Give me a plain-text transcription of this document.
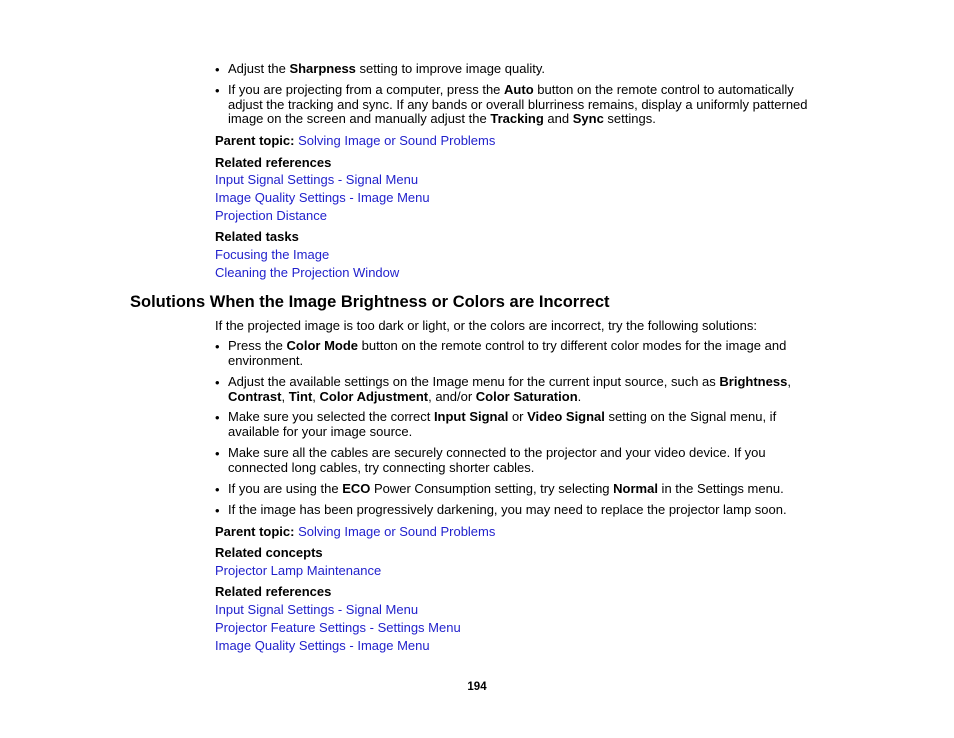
• Adjust the Sharpness setting to improve image quality.
• If you are projecting from a computer, press the Auto button on the remote control to automatically adjust the tracking and sync. If any bands or overall blurriness remains, display a uniformly patterned image on the screen and manually adjust the Tracking and Sync settings.
Parent topic: Solving Image or Sound Problems
Related references
Input Signal Settings - Signal Menu
Image Quality Settings - Image Menu
Projection Distance
Related tasks
Focusing the Image
Cleaning the Projection Window
Solutions When the Image Brightness or Colors are Incorrect
If the projected image is too dark or light, or the colors are incorrect, try the following solutions:
• Press the Color Mode button on the remote control to try different color modes for the image and environment.
• Adjust the available settings on the Image menu for the current input source, such as Brightness, Contrast, Tint, Color Adjustment, and/or Color Saturation.
• Make sure you selected the correct Input Signal or Video Signal setting on the Signal menu, if available for your image source.
• Make sure all the cables are securely connected to the projector and your video device. If you connected long cables, try connecting shorter cables.
• If you are using the ECO Power Consumption setting, try selecting Normal in the Settings menu.
• If the image has been progressively darkening, you may need to replace the projector lamp soon.
Parent topic: Solving Image or Sound Problems
Related concepts
Projector Lamp Maintenance
Related references
Input Signal Settings - Signal Menu
Projector Feature Settings - Settings Menu
Image Quality Settings - Image Menu
194
